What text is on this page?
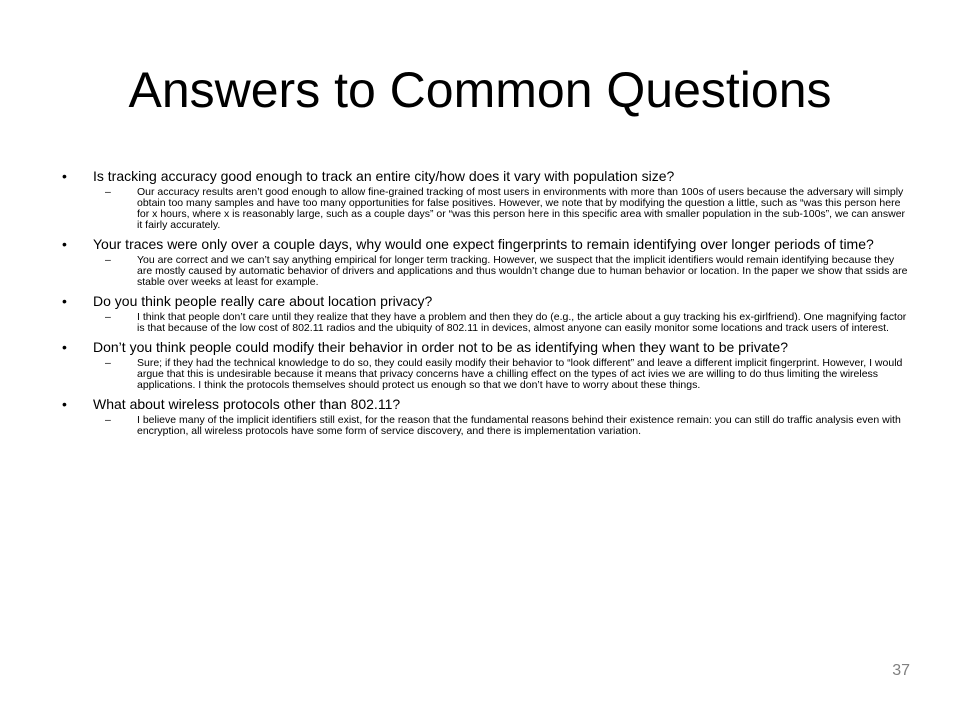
Answers to Common Questions
•	Is tracking accuracy good enough to track an entire city/how does it vary with population size?
–	Our accuracy results aren’t good enough to allow fine-grained tracking of most users in environments with more than 100s of users because the adversary will simply obtain too many samples and have too many opportunities for false positives. However, we note that by modifying the question a little, such as “was this person here for x hours, where x is reasonably large, such as a couple days” or “was this person here in this specific area with smaller population in the sub-100s”, we can answer it fairly accurately.
•	Your traces were only over a couple days, why would one expect fingerprints to remain identifying over longer periods of time?
–	You are correct and we can’t say anything empirical for longer term tracking. However, we suspect that the implicit identifiers would remain identifying because they are mostly caused by automatic behavior of drivers and applications and thus wouldn’t change due to human behavior or location. In the paper we show that ssids are stable over weeks at least for example.
•	Do you think people really care about location privacy?
–	I think that people don’t care until they realize that they have a problem and then they do (e.g., the article about a guy tracking his ex-girlfriend). One magnifying factor is that because of the low cost of 802.11 radios and the ubiquity of 802.11 in devices, almost anyone can easily monitor some locations and track users of interest.
•	Don’t you think people could modify their behavior in order not to be as identifying when they want to be private?
–	Sure; if they had the technical knowledge to do so, they could easily modify their behavior to “look different” and leave a different implicit fingerprint. However, I would argue that this is undesirable because it means that privacy concerns have a chilling effect on the types of act ivies we are willing to do thus limiting the wireless applications. I think the protocols themselves should protect us enough so that we don’t have to worry about these things.
•	What about wireless protocols other than 802.11?
–	I believe many of the implicit identifiers still exist, for the reason that the fundamental reasons behind their existence remain: you can still do traffic analysis even with encryption, all wireless protocols have some form of service discovery, and there is implementation variation.
37
